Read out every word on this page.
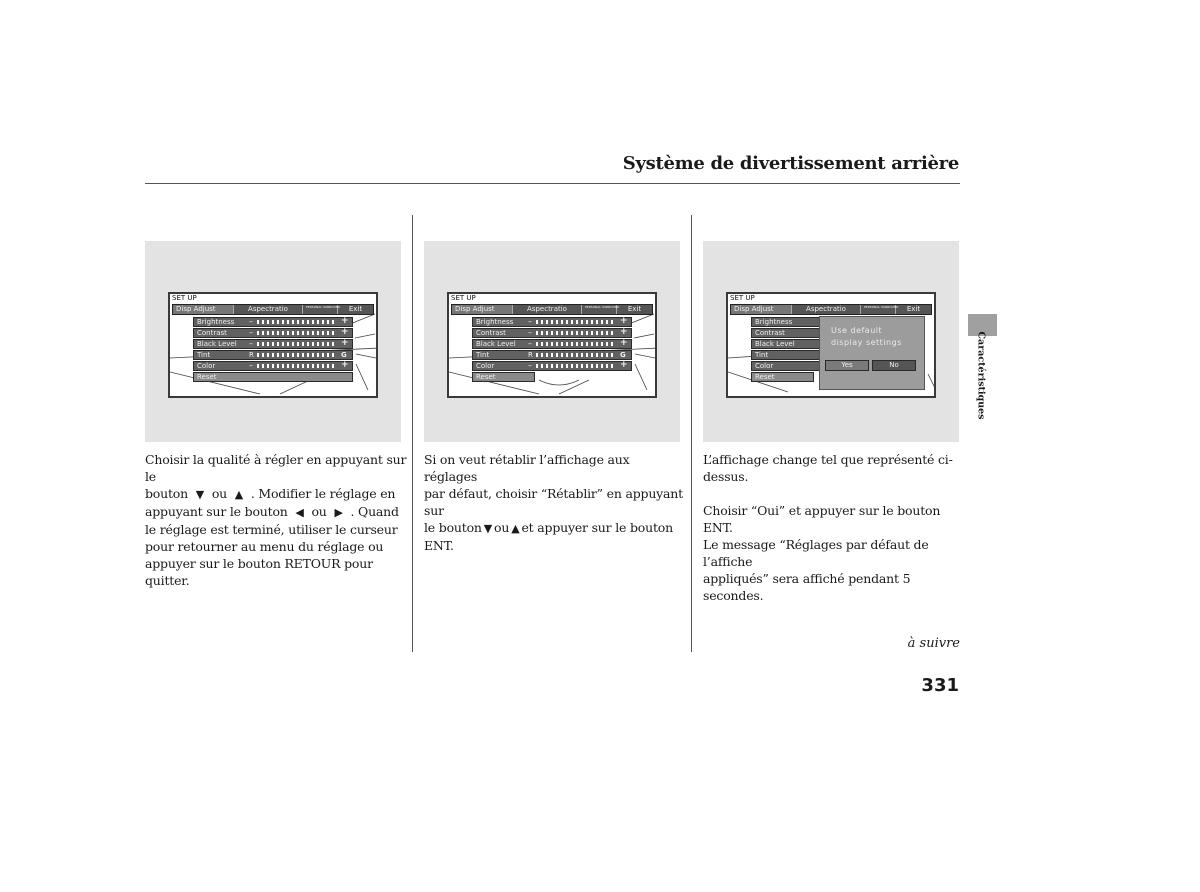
Système de divertissement arrière
SET UP
Disp Adjust	Aspectratio	PERSONAL SURROUND	Exit
Brightness –	+
Contrast	–	+
Black Level –	+
Tint	R	G
Color	–	+
Reset
SET UP
Disp Adjust	Aspectratio	PERSONAL SURROUND	Exit
Brightness –	+
Contrast	–	+
Black Level –	+
Tint	R	G
Color	–	+
Reset
SET UP
Disp Adjust	Aspectratio	PERSONAL SURROUND	Exit
Brightness
Contrast
Black Level
Tint
Color
Reset
Use default
display settings
Yes	No
Choisir la qualité à régler en appuyant sur le
bouton ▼ ou ▲ . Modifier le réglage en
appuyant sur le bouton ◀ ou ▶ . Quand
le réglage est terminé, utiliser le curseur
pour retourner au menu du réglage ou
appuyer sur le bouton RETOUR pour quitter.
Si on veut rétablir l’affichage aux réglages
par défaut, choisir “Rétablir” en appuyant sur
le bouton ▼ ou ▲ et appuyer sur le bouton
ENT.

L’affichage change tel que représenté ci-
dessus.

Choisir “Oui” et appuyer sur le bouton ENT.
Le message “Réglages par défaut de l’affiche
appliqués” sera affiché pendant 5 secondes.

à suivre
331
Caractéristiques
